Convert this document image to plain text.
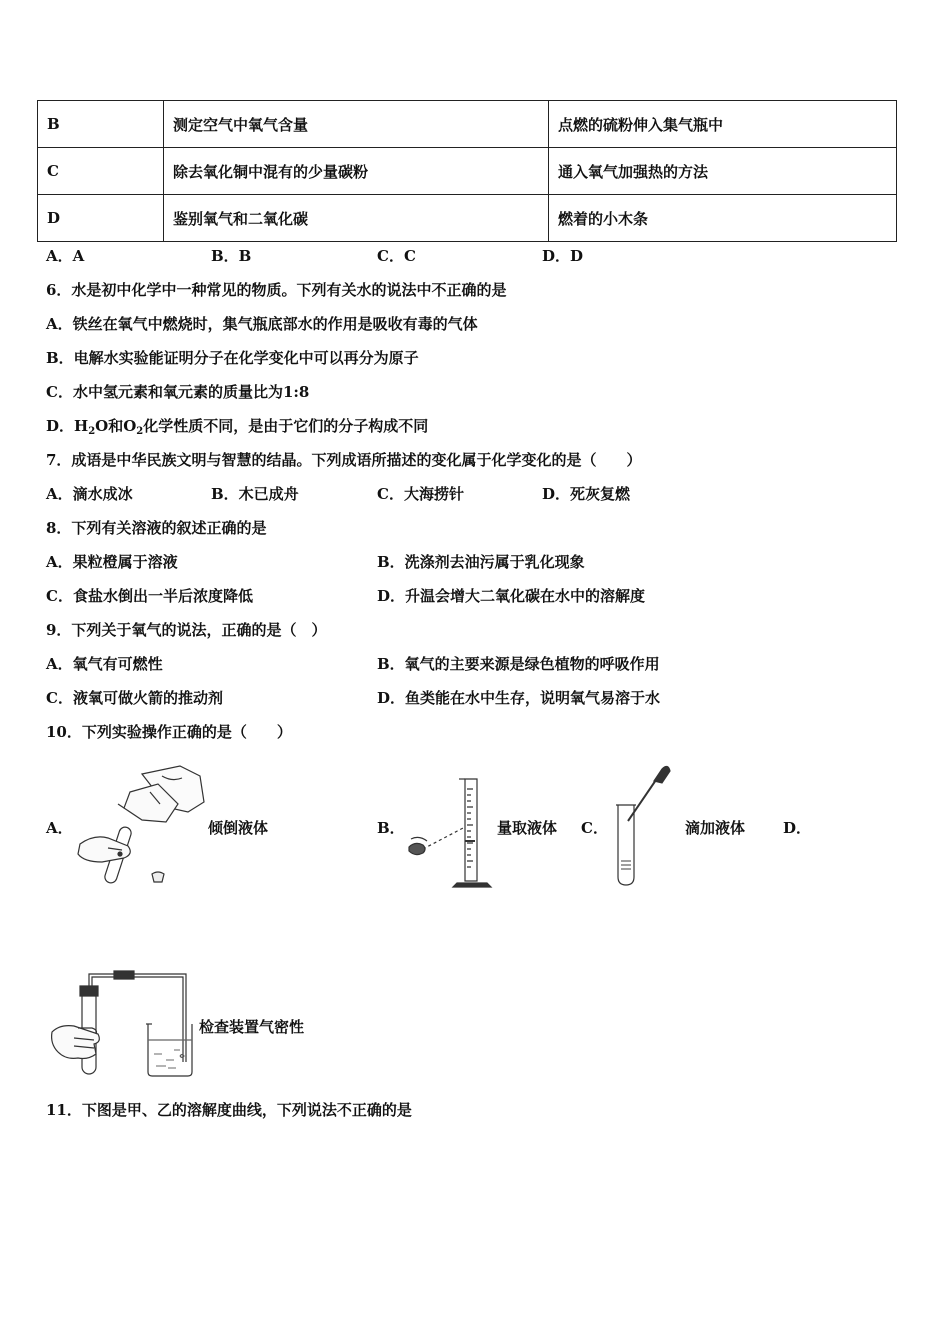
B	测定空气中氧气含量	点燃的硫粉伸入集气瓶中
C	除去氧化铜中混有的少量碳粉	通入氧气加强热的方法
D	鉴别氧气和二氧化碳	燃着的小木条
A．A	B．B	C．C	D．D
6．水是初中化学中一种常见的物质。下列有关水的说法中不正确的是
A．铁丝在氧气中燃烧时，集气瓶底部水的作用是吸收有毒的气体
B．电解水实验能证明分子在化学变化中可以再分为原子
C．水中氢元素和氧元素的质量比为1:8
D．$H_2O$和$O_2$化学性质不同，是由于它们的分子构成不同
7．成语是中华民族文明与智慧的结晶。下列成语所描述的变化属于化学变化的是（　　）
A．滴水成冰	B．木已成舟	C．大海捞针	D．死灰复燃
8．下列有关溶液的叙述正确的是
A．果粒橙属于溶液	B．洗涤剂去油污属于乳化现象
C．食盐水倒出一半后浓度降低	D．升温会增大二氧化碳在水中的溶解度
9．下列关于氧气的说法，正确的是（　）
A．氧气有可燃性	B．氧气的主要来源是绿色植物的呼吸作用
C．液氧可做火箭的推动剂	D．鱼类能在水中生存，说明氧气易溶于水
10．下列实验操作正确的是（　　）
A．	倾倒液体	B．	量取液体 C．	滴加液体	D．
检查装置气密性
11．下图是甲、乙的溶解度曲线，下列说法不正确的是
